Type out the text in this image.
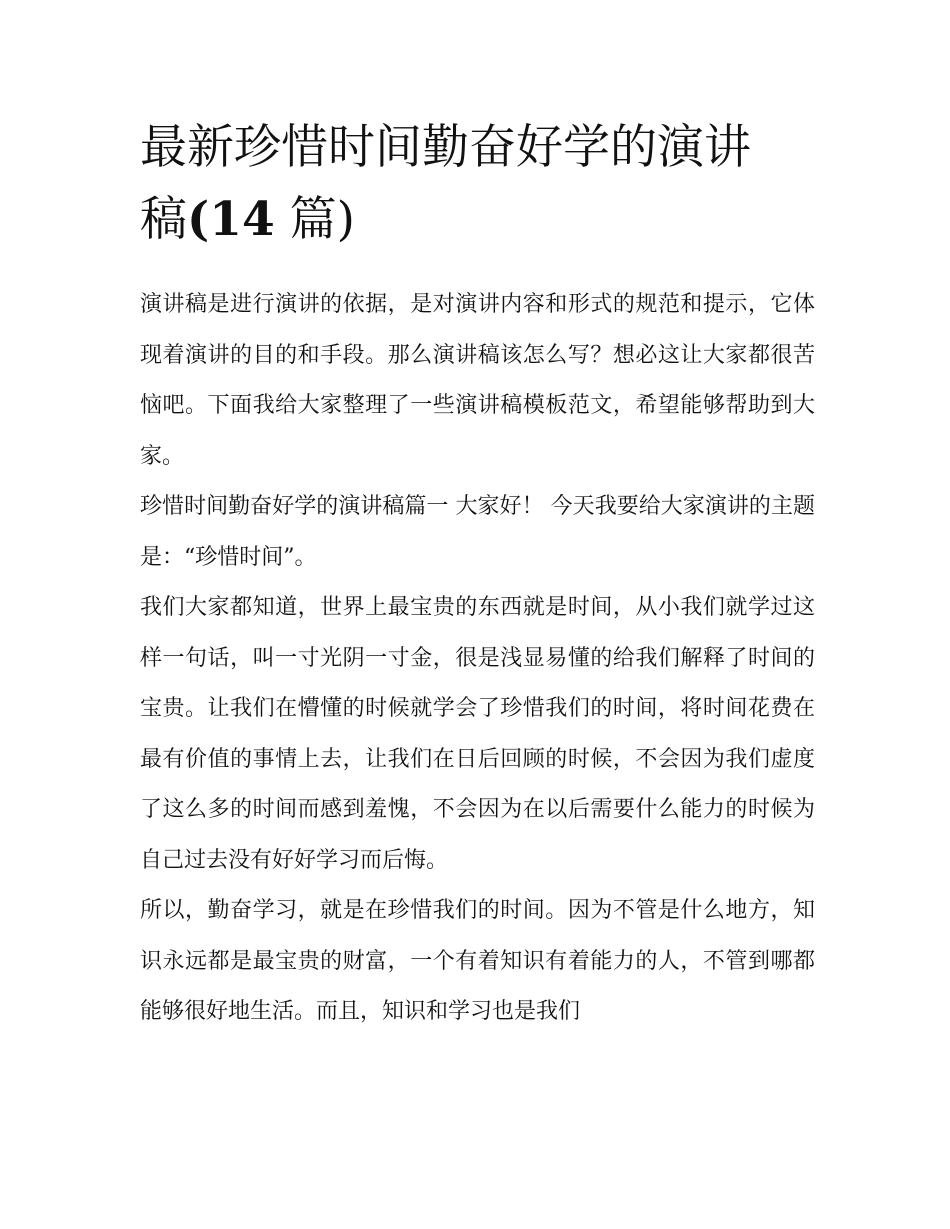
最新珍惜时间勤奋好学的演讲
稿(14 篇)

演讲稿是进行演讲的依据，是对演讲内容和形式的规范和提示，它体现着演讲的目的和手段。那么演讲稿该怎么写？想必这让大家都很苦恼吧。下面我给大家整理了一些演讲稿模板范文，希望能够帮助到大家。

珍惜时间勤奋好学的演讲稿篇一 大家好！ 今天我要给大家演讲的主题是：“珍惜时间”。

我们大家都知道，世界上最宝贵的东西就是时间，从小我们就学过这样一句话，叫一寸光阴一寸金，很是浅显易懂的给我们解释了时间的宝贵。让我们在懵懂的时候就学会了珍惜我们的时间，将时间花费在最有价值的事情上去，让我们在日后回顾的时候，不会因为我们虚度了这么多的时间而感到羞愧，不会因为在以后需要什么能力的时候为自己过去没有好好学习而后悔。

所以，勤奋学习，就是在珍惜我们的时间。因为不管是什么地方，知识永远都是最宝贵的财富，一个有着知识有着能力的人，不管到哪都能够很好地生活。而且，知识和学习也是我们
